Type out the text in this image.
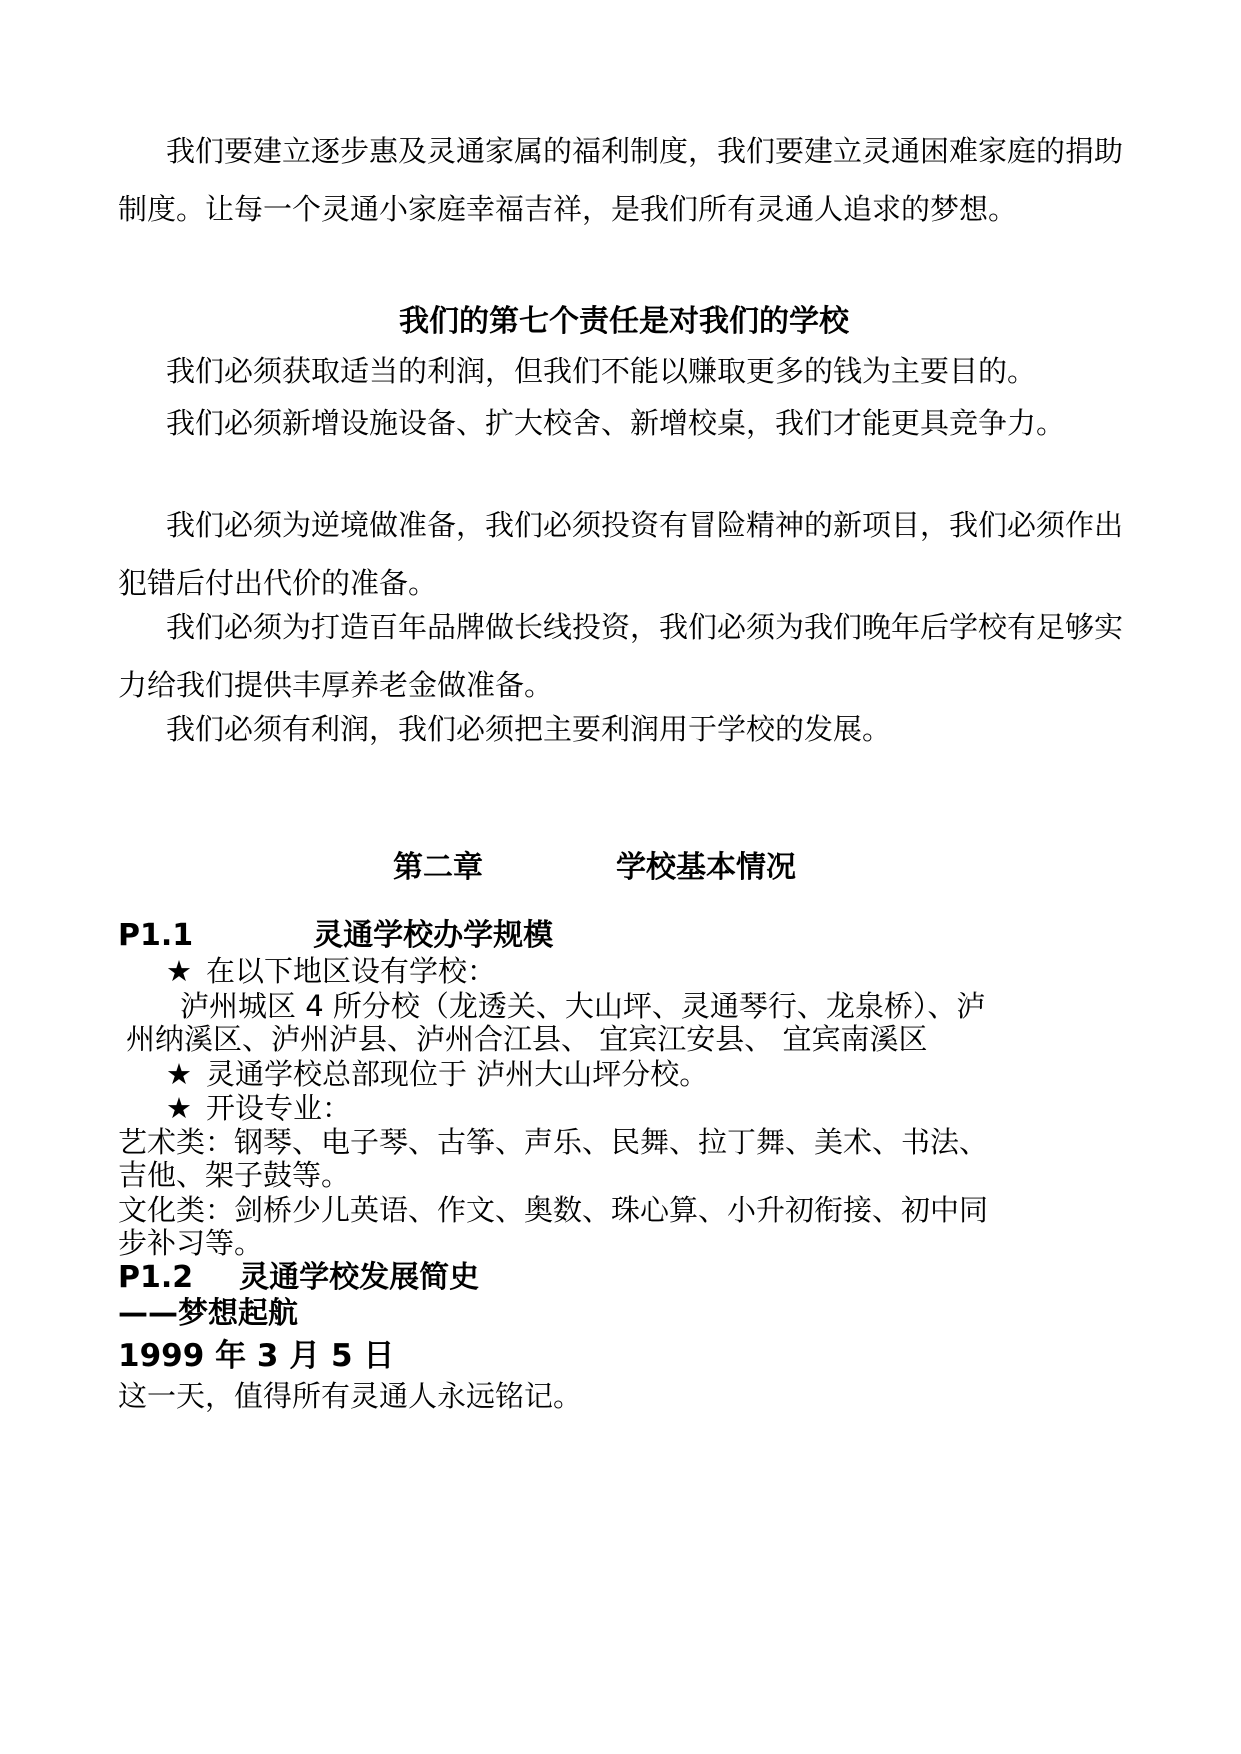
我们要建立逐步惠及灵通家属的福利制度，我们要建立灵通困难家庭的捐助制度。让每一个灵通小家庭幸福吉祥，是我们所有灵通人追求的梦想。

我们的第七个责任是对我们的学校

我们必须获取适当的利润，但我们不能以赚取更多的钱为主要目的。

我们必须新增设施设备、扩大校舍、新增校桌，我们才能更具竞争力。

我们必须为逆境做准备，我们必须投资有冒险精神的新项目，我们必须作出犯错后付出代价的准备。

我们必须为打造百年品牌做长线投资，我们必须为我们晚年后学校有足够实力给我们提供丰厚养老金做准备。

我们必须有利润，我们必须把主要利润用于学校的发展。

第二章	学校基本情况
P1.1	灵通学校办学规模
★ 在以下地区设有学校：
泸州城区 4 所分校（龙透关、大山坪、灵通琴行、龙泉桥）、泸
州纳溪区、泸州泸县、泸州合江县、 宜宾江安县、 宜宾南溪区
★ 灵通学校总部现位于 泸州大山坪分校。
★ 开设专业：
艺术类：钢琴、电子琴、古筝、声乐、民舞、拉丁舞、美术、书法、
吉他、架子鼓等。
文化类：剑桥少儿英语、作文、奥数、珠心算、小升初衔接、初中同
步补习等。
P1.2 灵通学校发展简史
——梦想起航
1999 年 3 月 5 日
这一天，值得所有灵通人永远铭记。
